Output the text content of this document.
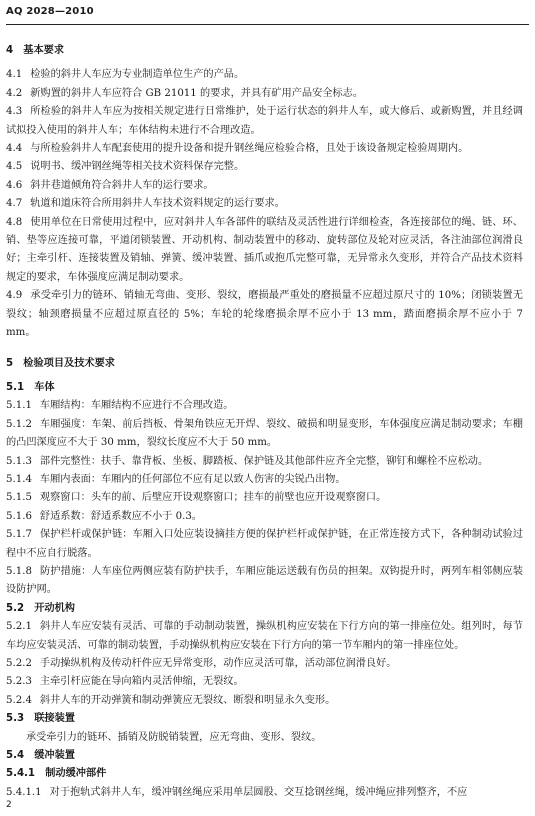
AQ 2028—2010
4　基本要求
4.1 检验的斜井人车应为专业制造单位生产的产品。
4.2 新购置的斜井人车应符合 GB 21011 的要求，并具有矿用产品安全标志。
4.3 所检验的斜井人车应为按相关规定进行日常维护，处于运行状态的斜井人车，或大修后、或新购置，并且经调试拟投入使用的斜井人车；车体结构未进行不合理改造。
4.4 与所检验斜井人车配套使用的提升设备和提升钢丝绳应检验合格，且处于该设备规定检验周期内。
4.5 说明书、缓冲钢丝绳等相关技术资料保存完整。
4.6 斜井巷道倾角符合斜井人车的运行要求。
4.7 轨道和道床符合所用斜井人车技术资料规定的运行要求。
4.8 使用单位在日常使用过程中，应对斜井人车各部件的联结及灵活性进行详细检查，各连接部位的绳、链、环、销、垫等应连接可靠，平道闭锁装置、开动机构、制动装置中的移动、旋转部位及轮对应灵活，各注油部位润滑良好；主牵引杆、连接装置及销轴、弹簧、缓冲装置、插爪或抱爪完整可靠，无异常永久变形，并符合产品技术资料规定的要求，车体强度应满足制动要求。
4.9 承受牵引力的链环、销轴无弯曲、变形、裂纹，磨损最严重处的磨损量不应超过原尺寸的 10%；闭锁装置无裂纹；轴颈磨损量不应超过原直径的 5%；车轮的轮缘磨损余厚不应小于 13 mm，踏面磨损余厚不应小于 7 mm。
5　检验项目及技术要求
5.1　车体
5.1.1 车厢结构：车厢结构不应进行不合理改造。
5.1.2 车厢强度：车架、前后挡板、骨架角铁应无开焊、裂纹、破损和明显变形，车体强度应满足制动要求；车棚的凸凹深度应不大于 30 mm，裂纹长度应不大于 50 mm。
5.1.3 部件完整性：扶手、靠背板、坐板、脚踏板、保护链及其他部件应齐全完整，铆钉和螺栓不应松动。
5.1.4 车厢内表面：车厢内的任何部位不应有足以致人伤害的尖锐凸出物。
5.1.5 观察窗口：头车的前、后壁应开设观察窗口；挂车的前壁也应开设观察窗口。
5.1.6 舒适系数：舒适系数应不小于 0.3。
5.1.7 保护栏杆或保护链：车厢入口处应装设摘挂方便的保护栏杆或保护链，在正常连接方式下，各种制动试验过程中不应自行脱落。
5.1.8 防护措施：人车座位两侧应装有防护扶手，车厢应能运送载有伤员的担架。双钩提升时，两列车相邻侧应装设防护网。
5.2　开动机构
5.2.1 斜井人车应安装有灵活、可靠的手动制动装置，操纵机构应安装在下行方向的第一排座位处。组列时，每节车均应安装灵活、可靠的制动装置，手动操纵机构应安装在下行方向的第一节车厢内的第一排座位处。
5.2.2 手动操纵机构及传动杆件应无异常变形，动作应灵活可靠，活动部位润滑良好。
5.2.3 主牵引杆应能在导向箱内灵活伸缩，无裂纹。
5.2.4 斜井人车的开动弹簧和制动弹簧应无裂纹、断裂和明显永久变形。
5.3　联接装置
承受牵引力的链环、插销及防脱销装置，应无弯曲、变形、裂纹。
5.4　缓冲装置
5.4.1　制动缓冲部件
5.4.1.1 对于抱轨式斜井人车，缓冲钢丝绳应采用单层圆股、交互捻钢丝绳，缓冲绳应排列整齐，不应
2
